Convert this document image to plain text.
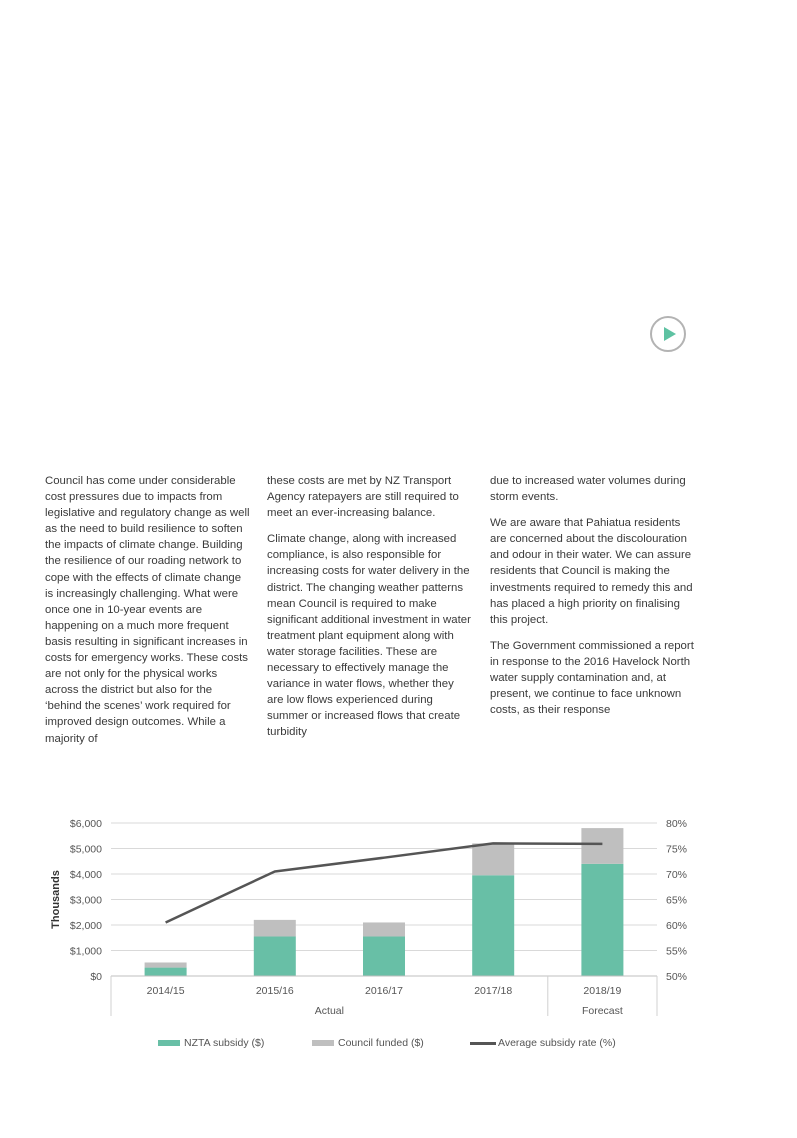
Council has come under considerable cost pressures due to impacts from legislative and regulatory change as well as the need to build resilience to soften the impacts of climate change. Building the resilience of our roading network to cope with the effects of climate change is increasingly challenging. What were once one in 10-year events are happening on a much more frequent basis resulting in significant increases in costs for emergency works. These costs are not only for the physical works across the district but also for the ‘behind the scenes’ work required for improved design outcomes. While a majority of

these costs are met by NZ Transport Agency ratepayers are still required to meet an ever-increasing balance.

Climate change, along with increased compliance, is also responsible for increasing costs for water delivery in the district. The changing weather patterns mean Council is required to make significant additional investment in water treatment plant equipment along with water storage facilities. These are necessary to effectively manage the variance in water flows, whether they are low flows experienced during summer or increased flows that create turbidity

due to increased water volumes during storm events.

We are aware that Pahiatua residents are concerned about the discolouration and odour in their water. We can assure residents that Council is making the investments required to remedy this and has placed a high priority on finalising this project.

The Government commissioned a report in response to the 2016 Havelock North water supply contamination and, at present, we continue to face unknown costs, as their response

$0
$1,000
$2,000
$3,000
$4,000
$5,000
$6,000
50%
55%
60%
65%
70%
75%
80%
Thousands
2014/15	2015/16	2016/17	2017/18	2018/19
Actual	Forecast
NZTA subsidy ($)	Council funded ($)	Average subsidy rate (%)
